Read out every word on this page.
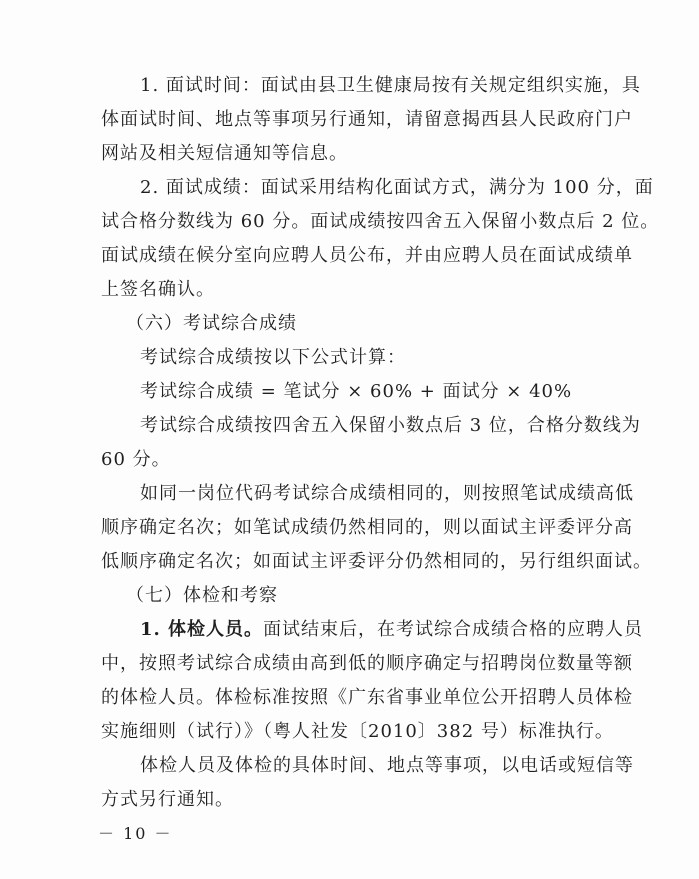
1. 面试时间：面试由县卫生健康局按有关规定组织实施，具
体面试时间、地点等事项另行通知，请留意揭西县人民政府门户
网站及相关短信通知等信息。
2. 面试成绩：面试采用结构化面试方式，满分为 100 分，面
试合格分数线为 60 分。面试成绩按四舍五入保留小数点后 2 位。
面试成绩在候分室向应聘人员公布，并由应聘人员在面试成绩单
上签名确认。
（六）考试综合成绩
考试综合成绩按以下公式计算：
考试综合成绩 = 笔试分 × 60% + 面试分 × 40%
考试综合成绩按四舍五入保留小数点后 3 位，合格分数线为
60 分。
如同一岗位代码考试综合成绩相同的，则按照笔试成绩高低
顺序确定名次；如笔试成绩仍然相同的，则以面试主评委评分高
低顺序确定名次；如面试主评委评分仍然相同的，另行组织面试。
（七）体检和考察
1. 体检人员。面试结束后，在考试综合成绩合格的应聘人员
中，按照考试综合成绩由高到低的顺序确定与招聘岗位数量等额
的体检人员。体检标准按照《广东省事业单位公开招聘人员体检
实施细则（试行）》（粤人社发〔2010〕382 号）标准执行。
体检人员及体检的具体时间、地点等事项，以电话或短信等
方式另行通知。
－ 10 －
